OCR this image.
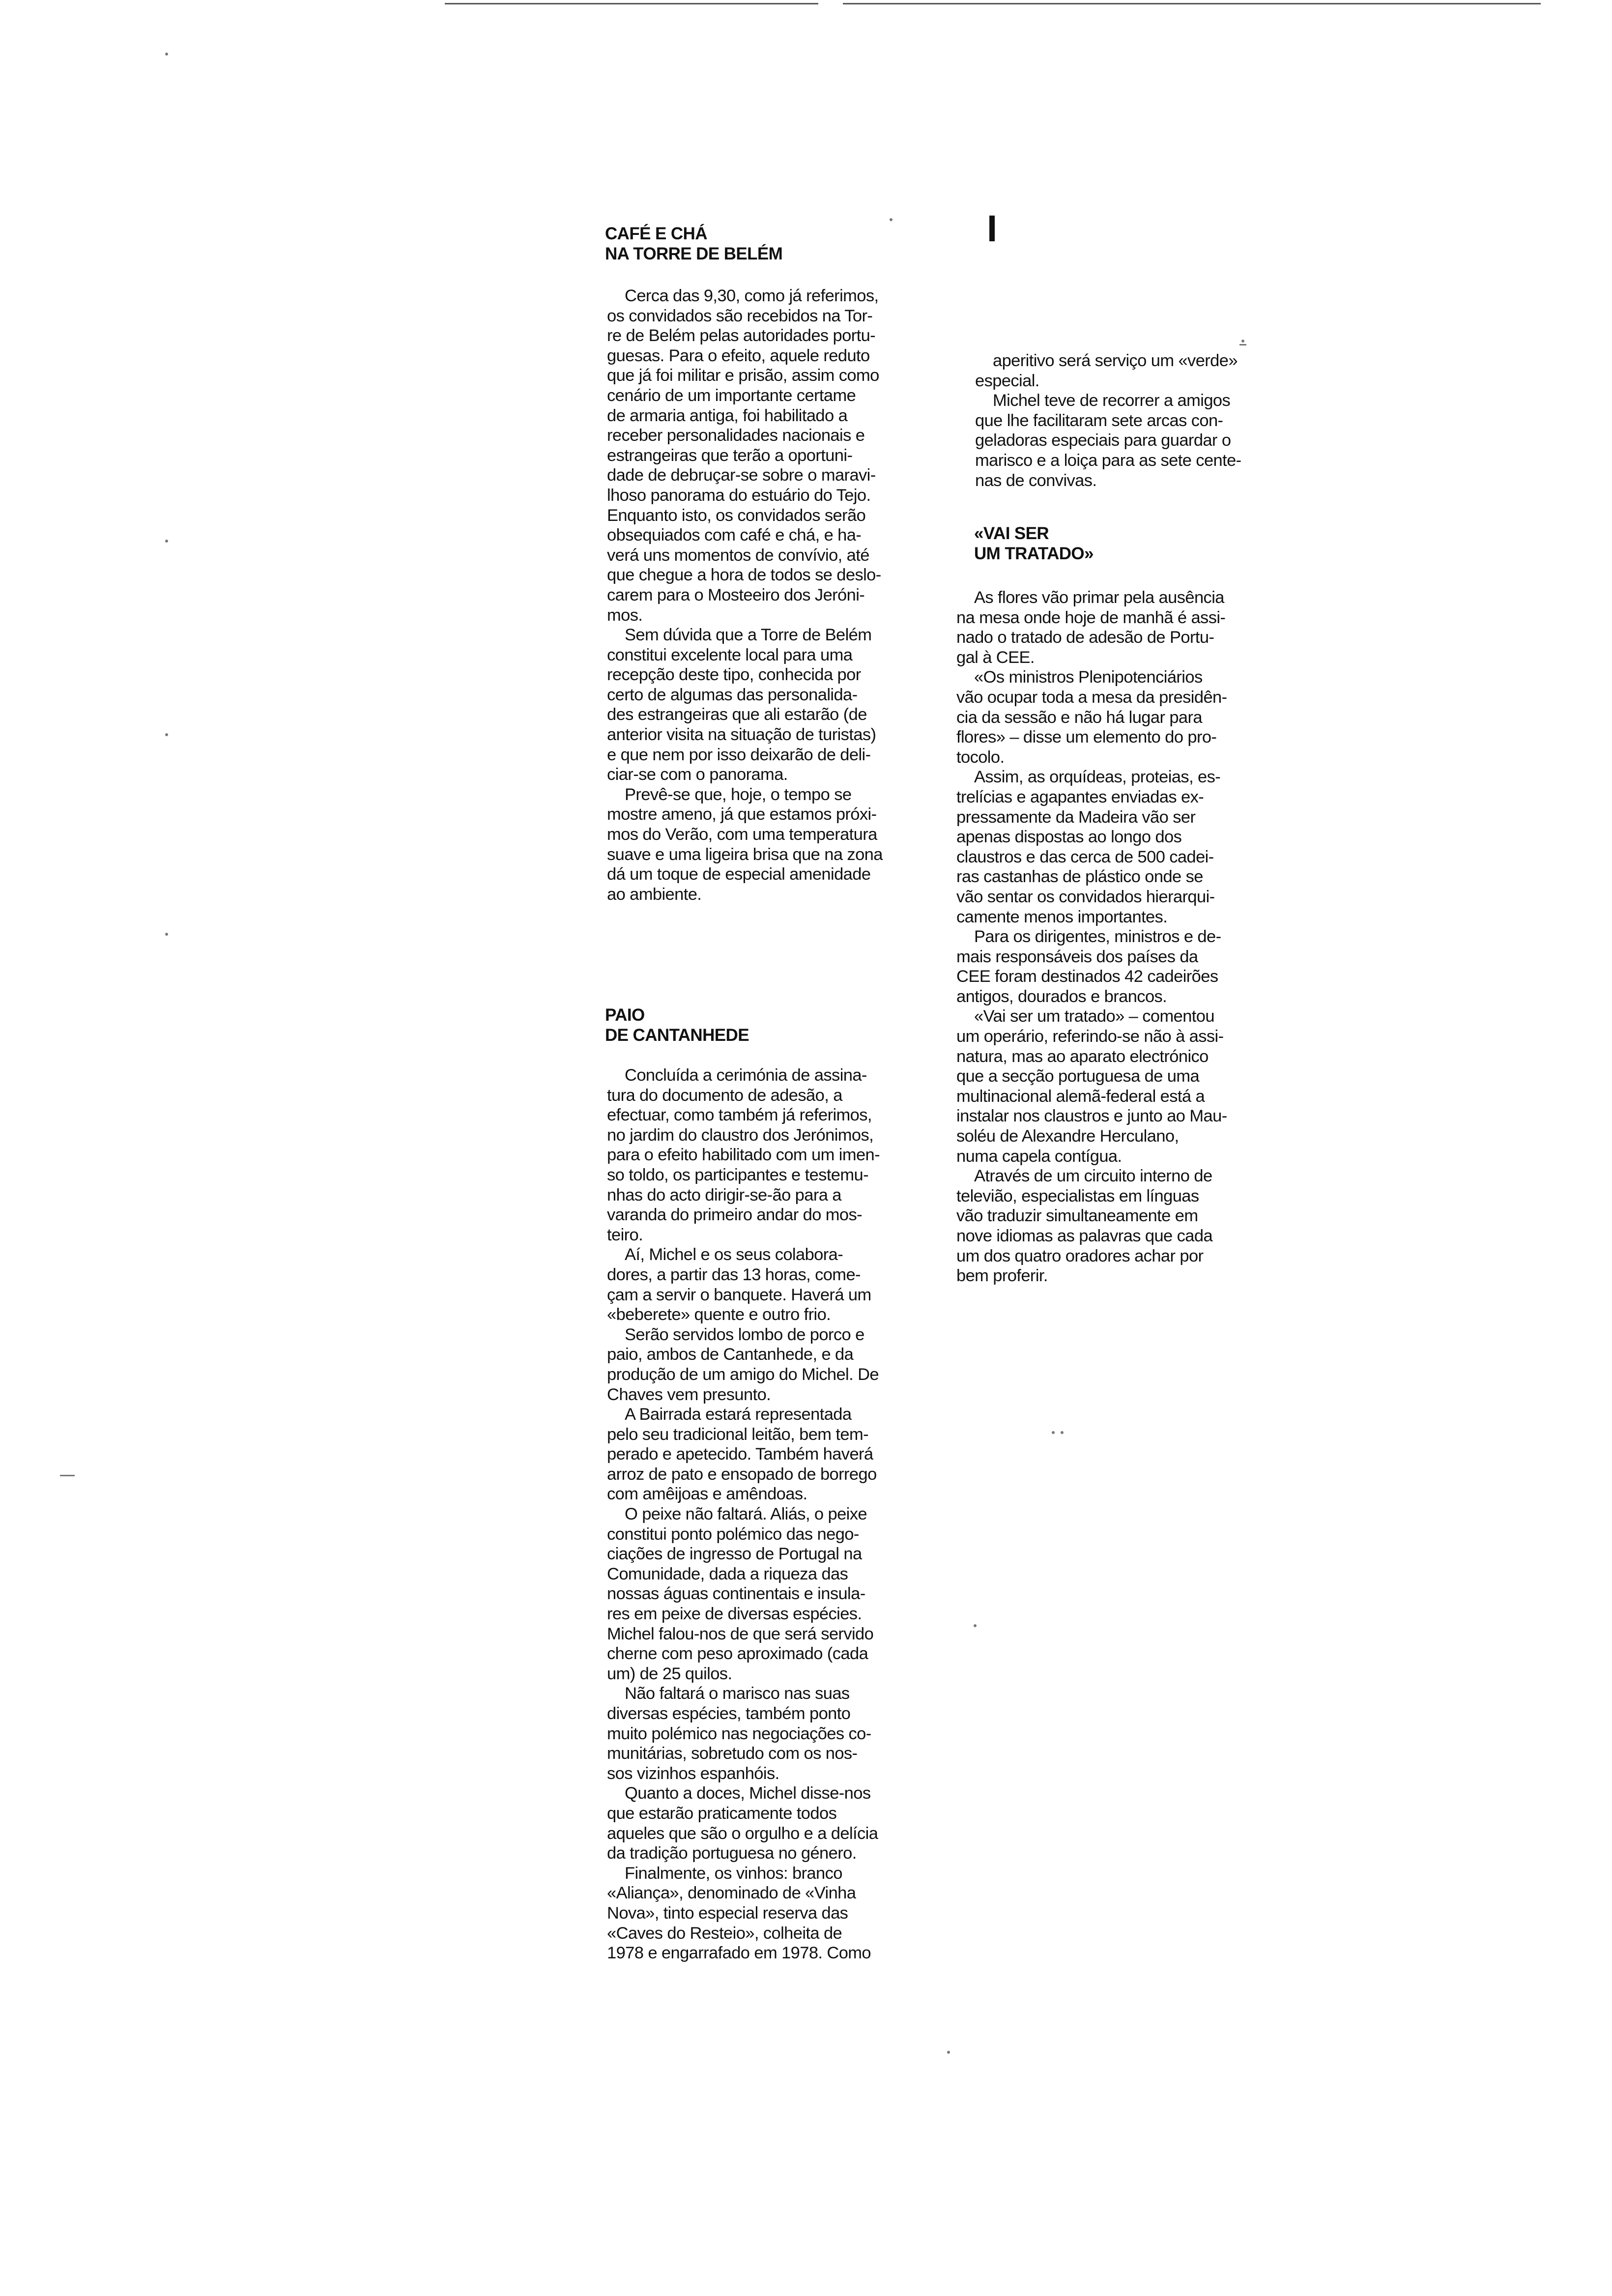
I
CAFÉ E CHÁ
NA TORRE DE BELÉM

Cerca das 9,30, como já referimos,
os convidados são recebidos na Tor-
re de Belém pelas autoridades portu-
guesas. Para o efeito, aquele reduto
que já foi militar e prisão, assim como
cenário de um importante certame
de armaria antiga, foi habilitado a
receber personalidades nacionais e
estrangeiras que terão a oportuni-
dade de debruçar-se sobre o maravi-
lhoso panorama do estuário do Tejo.
Enquanto isto, os convidados serão
obsequiados com café e chá, e ha-
verá uns momentos de convívio, até
que chegue a hora de todos se deslo-
carem para o Mosteeiro dos Jeróni-
mos.

Sem dúvida que a Torre de Belém
constitui excelente local para uma
recepção deste tipo, conhecida por
certo de algumas das personalida-
des estrangeiras que ali estarão (de
anterior visita na situação de turistas)
e que nem por isso deixarão de deli-
ciar-se com o panorama.

Prevê-se que, hoje, o tempo se
mostre ameno, já que estamos próxi-
mos do Verão, com uma temperatura
suave e uma ligeira brisa que na zona
dá um toque de especial amenidade
ao ambiente.

PAIO
DE CANTANHEDE

Concluída a cerimónia de assina-
tura do documento de adesão, a
efectuar, como também já referimos,
no jardim do claustro dos Jerónimos,
para o efeito habilitado com um imen-
so toldo, os participantes e testemu-
nhas do acto dirigir-se-ão para a
varanda do primeiro andar do mos-
teiro.

Aí, Michel e os seus colabora-
dores, a partir das 13 horas, come-
çam a servir o banquete. Haverá um
«beberete» quente e outro frio.

Serão servidos lombo de porco e
paio, ambos de Cantanhede, e da
produção de um amigo do Michel. De
Chaves vem presunto.

A Bairrada estará representada
pelo seu tradicional leitão, bem tem-
perado e apetecido. Também haverá
arroz de pato e ensopado de borrego
com amêijoas e amêndoas.

O peixe não faltará. Aliás, o peixe
constitui ponto polémico das nego-
ciações de ingresso de Portugal na
Comunidade, dada a riqueza das
nossas águas continentais e insula-
res em peixe de diversas espécies.
Michel falou-nos de que será servido
cherne com peso aproximado (cada
um) de 25 quilos.

Não faltará o marisco nas suas
diversas espécies, também ponto
muito polémico nas negociações co-
munitárias, sobretudo com os nos-
sos vizinhos espanhóis.

Quanto a doces, Michel disse-nos
que estarão praticamente todos
aqueles que são o orgulho e a delícia
da tradição portuguesa no género.

Finalmente, os vinhos: branco
«Aliança», denominado de «Vinha
Nova», tinto especial reserva das
«Caves do Resteio», colheita de
1978 e engarrafado em 1978. Como

aperitivo será serviço um «verde»
especial.

Michel teve de recorrer a amigos
que lhe facilitaram sete arcas con-
geladoras especiais para guardar o
marisco e a loiça para as sete cente-
nas de convivas.

«VAI SER
UM TRATADO»

As flores vão primar pela ausência
na mesa onde hoje de manhã é assi-
nado o tratado de adesão de Portu-
gal à CEE.

«Os ministros Plenipotenciários
vão ocupar toda a mesa da presidên-
cia da sessão e não há lugar para
flores» – disse um elemento do pro-
tocolo.

Assim, as orquídeas, proteias, es-
trelícias e agapantes enviadas ex-
pressamente da Madeira vão ser
apenas dispostas ao longo dos
claustros e das cerca de 500 cadei-
ras castanhas de plástico onde se
vão sentar os convidados hierarqui-
camente menos importantes.

Para os dirigentes, ministros e de-
mais responsáveis dos países da
CEE foram destinados 42 cadeirões
antigos, dourados e brancos.

«Vai ser um tratado» – comentou
um operário, referindo-se não à assi-
natura, mas ao aparato electrónico
que a secção portuguesa de uma
multinacional alemã-federal está a
instalar nos claustros e junto ao Mau-
soléu de Alexandre Herculano,
numa capela contígua.

Através de um circuito interno de
televião, especialistas em línguas
vão traduzir simultaneamente em
nove idiomas as palavras que cada
um dos quatro oradores achar por
bem proferir.
